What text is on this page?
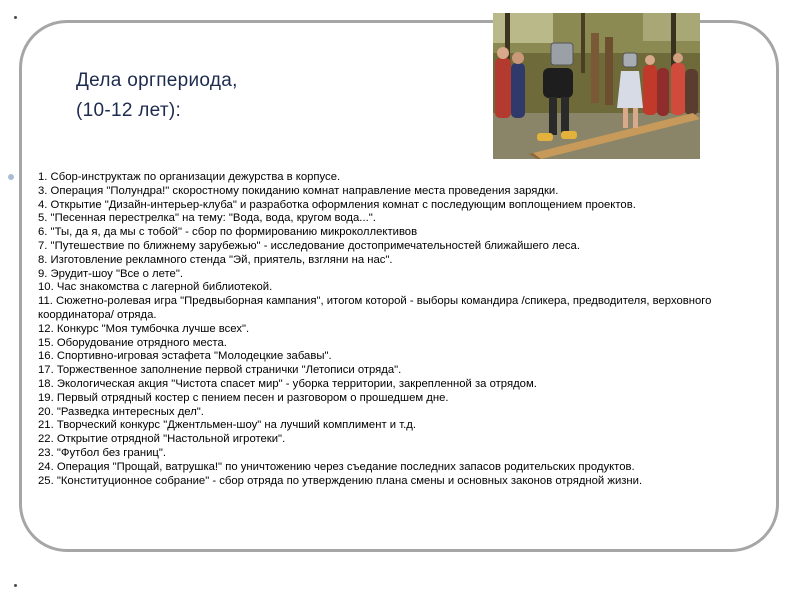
Дела оргпериода,
(10-12 лет):
1. Сбор-инструктаж по организации дежурства в корпусе.
3. Операция "Полундра!" скоростному покиданию комнат направление места проведения зарядки.
4. Открытие "Дизайн-интерьер-клуба" и разработка оформления комнат с последующим воплощением проектов.
5. "Песенная перестрелка" на тему: "Вода, вода, кругом вода...".
6. "Ты, да я, да мы с тобой" - сбор по формированию микроколлективов
7. "Путешествие по ближнему зарубежью" - исследование достопримечательностей ближайшего леса.
8. Изготовление рекламного стенда "Эй, приятель, взгляни на нас".
9. Эрудит-шоу "Все о лете".
10. Час знакомства с лагерной библиотекой.
11. Сюжетно-ролевая игра "Предвыборная кампания", итогом которой - выборы командира /спикера, предводителя, верховного координатора/ отряда.
12. Конкурс "Моя тумбочка лучше всех".
15. Оборудование отрядного места.
16. Спортивно-игровая эстафета "Молодецкие забавы".
17. Торжественное заполнение первой странички "Летописи отряда".
18. Экологическая акция "Чистота спасет мир" - уборка территории, закрепленной за отрядом.
19. Первый отрядный костер с пением песен и разговором о прошедшем дне.
20. "Разведка интересных дел".
21. Творческий конкурс "Джентльмен-шоу" на лучший комплимент и т.д.
22. Открытие отрядной "Настольной игротеки".
23. "Футбол без границ".
24. Операция "Прощай, ватрушка!" по уничтожению через съедание последних запасов родительских продуктов.
25. "Конституционное собрание" - сбор отряда по утверждению плана смены и основных законов отрядной жизни.
